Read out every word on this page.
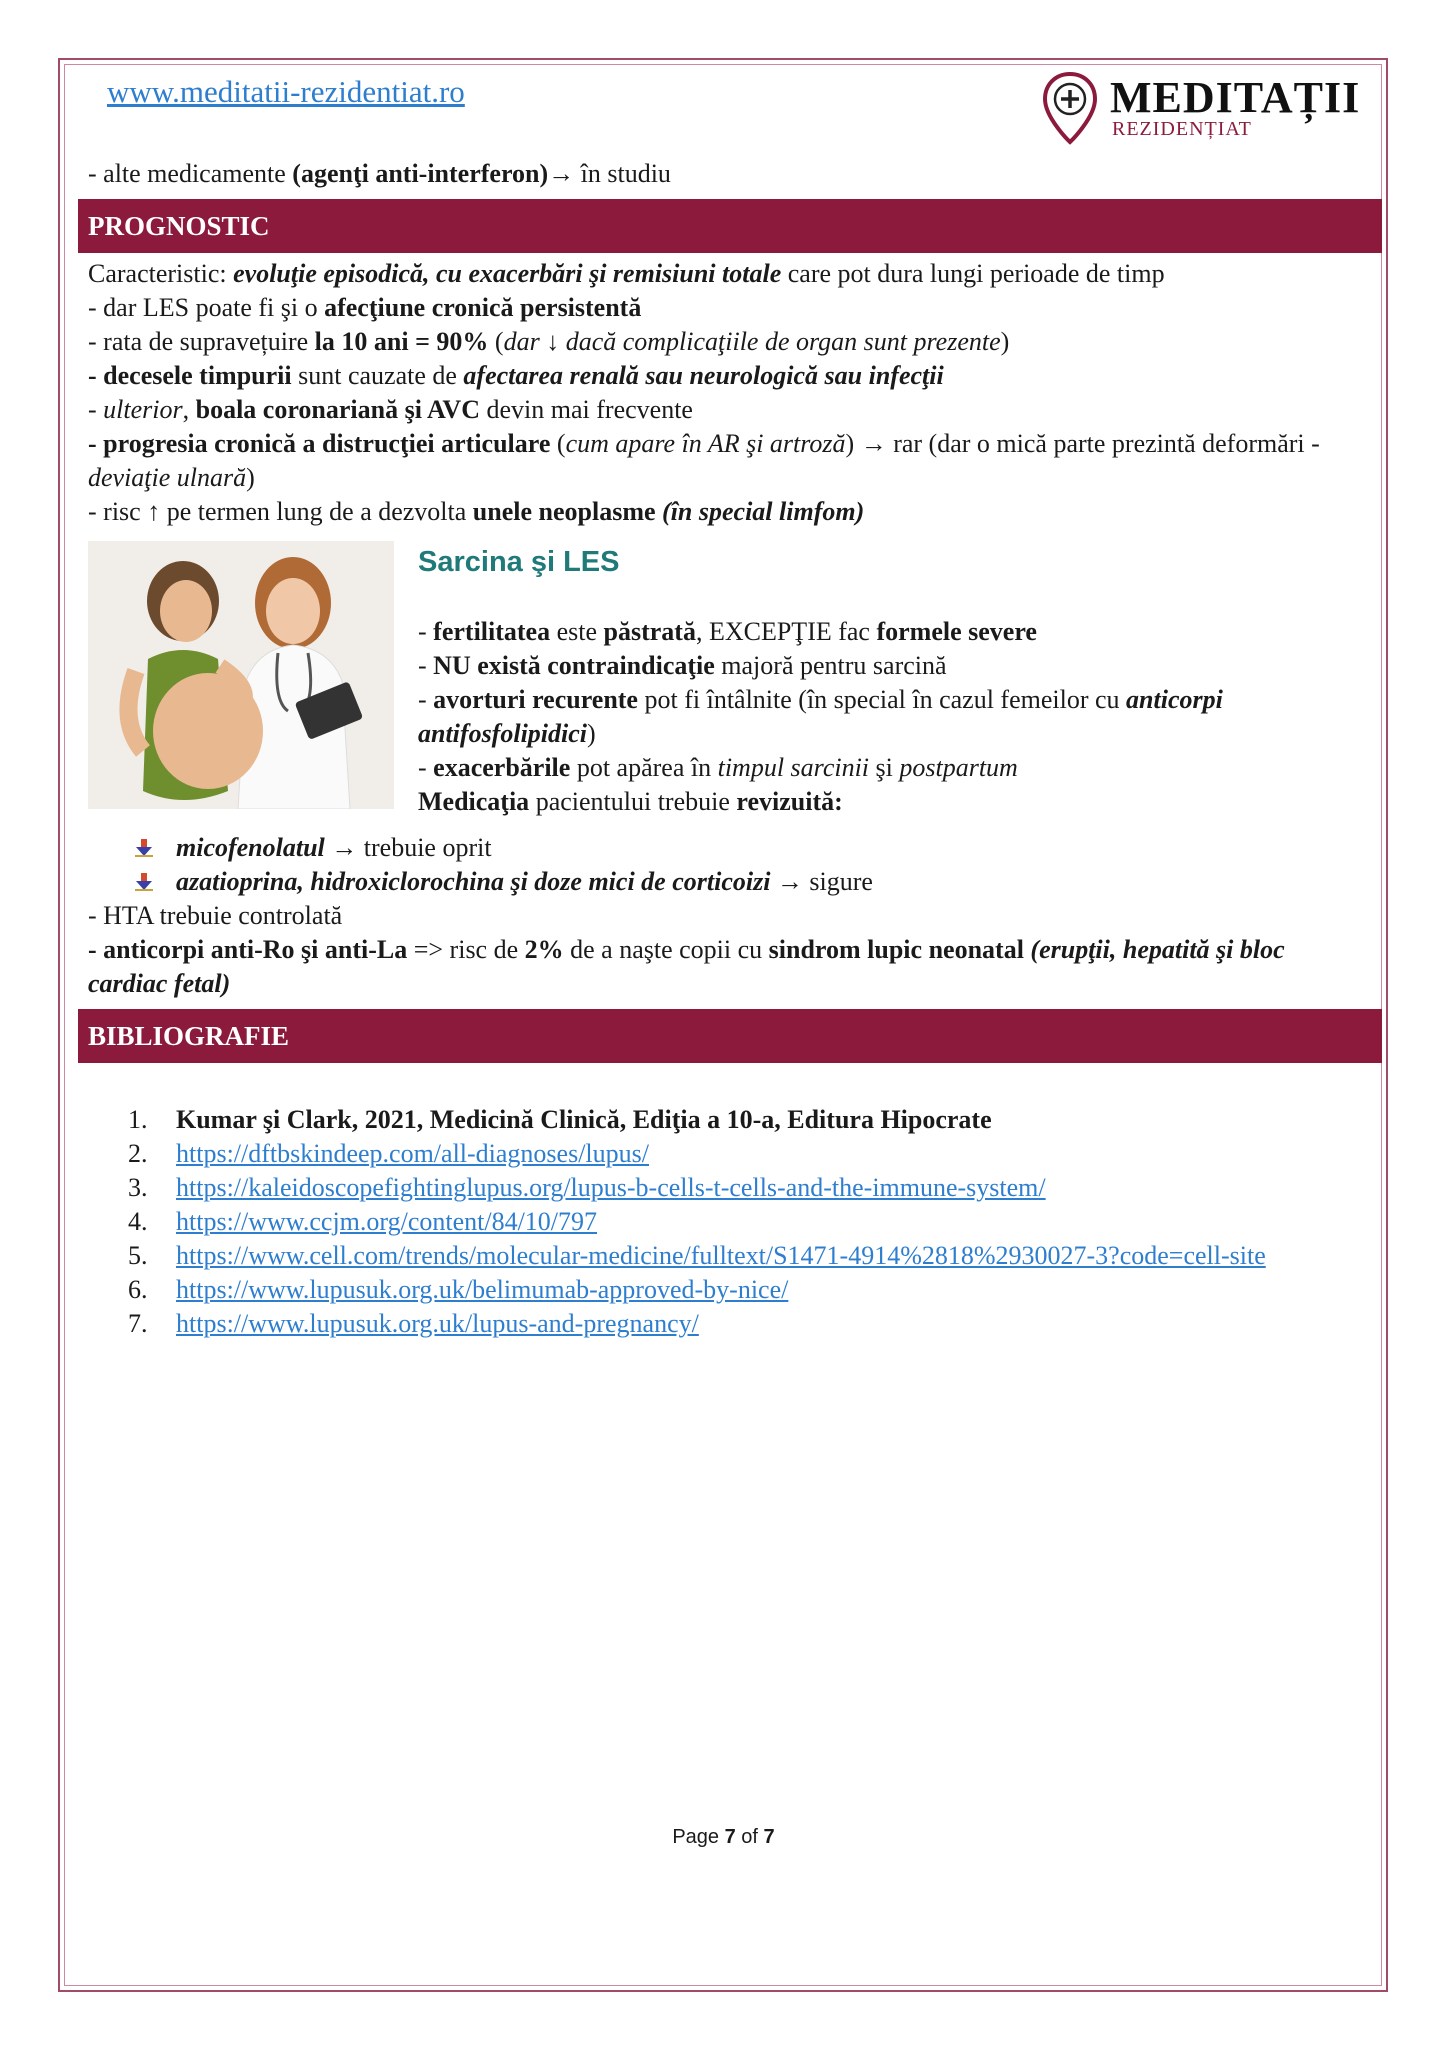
www.meditatii-rezidentiat.ro	MEDITAȚII
REZIDENȚIAT
- alte medicamente (agenţi anti-interferon)→ în studiu
PROGNOSTIC
Caracteristic: evoluţie episodică, cu exacerbări şi remisiuni totale care pot dura lungi perioade de timp
- dar LES poate fi şi o afecţiune cronică persistentă
- rata de supravețuire la 10 ani = 90% (dar ↓ dacă complicaţiile de organ sunt prezente)
- decesele timpurii sunt cauzate de afectarea renală sau neurologică sau infecţii
- ulterior, boala coronariană şi AVC devin mai frecvente
- progresia cronică a distrucţiei articulare (cum apare în AR şi artroză) → rar (dar o mică parte prezintă deformări - deviaţie ulnară)
- risc ↑ pe termen lung de a dezvolta unele neoplasme (în special limfom)
Sarcina şi LES
- fertilitatea este păstrată, EXCEPŢIE fac formele severe
- NU există contraindicaţie majoră pentru sarcină
- avorturi recurente pot fi întâlnite (în special în cazul femeilor cu anticorpi antifosfolipidici)
- exacerbările pot apărea în timpul sarcinii şi postpartum
Medicaţia pacientului trebuie revizuită:
micofenolatul → trebuie oprit
azatioprina, hidroxiclorochina şi doze mici de corticoizi → sigure
- HTA trebuie controlată
- anticorpi anti-Ro şi anti-La => risc de 2% de a naşte copii cu sindrom lupic neonatal (erupţii, hepatită şi bloc cardiac fetal)
BIBLIOGRAFIE
1. Kumar şi Clark, 2021, Medicină Clinică, Ediţia a 10-a, Editura Hipocrate
2. https://dftbskindeep.com/all-diagnoses/lupus/
3. https://kaleidoscopefightinglupus.org/lupus-b-cells-t-cells-and-the-immune-system/
4. https://www.ccjm.org/content/84/10/797
5. https://www.cell.com/trends/molecular-medicine/fulltext/S1471-4914%2818%2930027-3?code=cell-site
6. https://www.lupusuk.org.uk/belimumab-approved-by-nice/
7. https://www.lupusuk.org.uk/lupus-and-pregnancy/
Page 7 of 7
